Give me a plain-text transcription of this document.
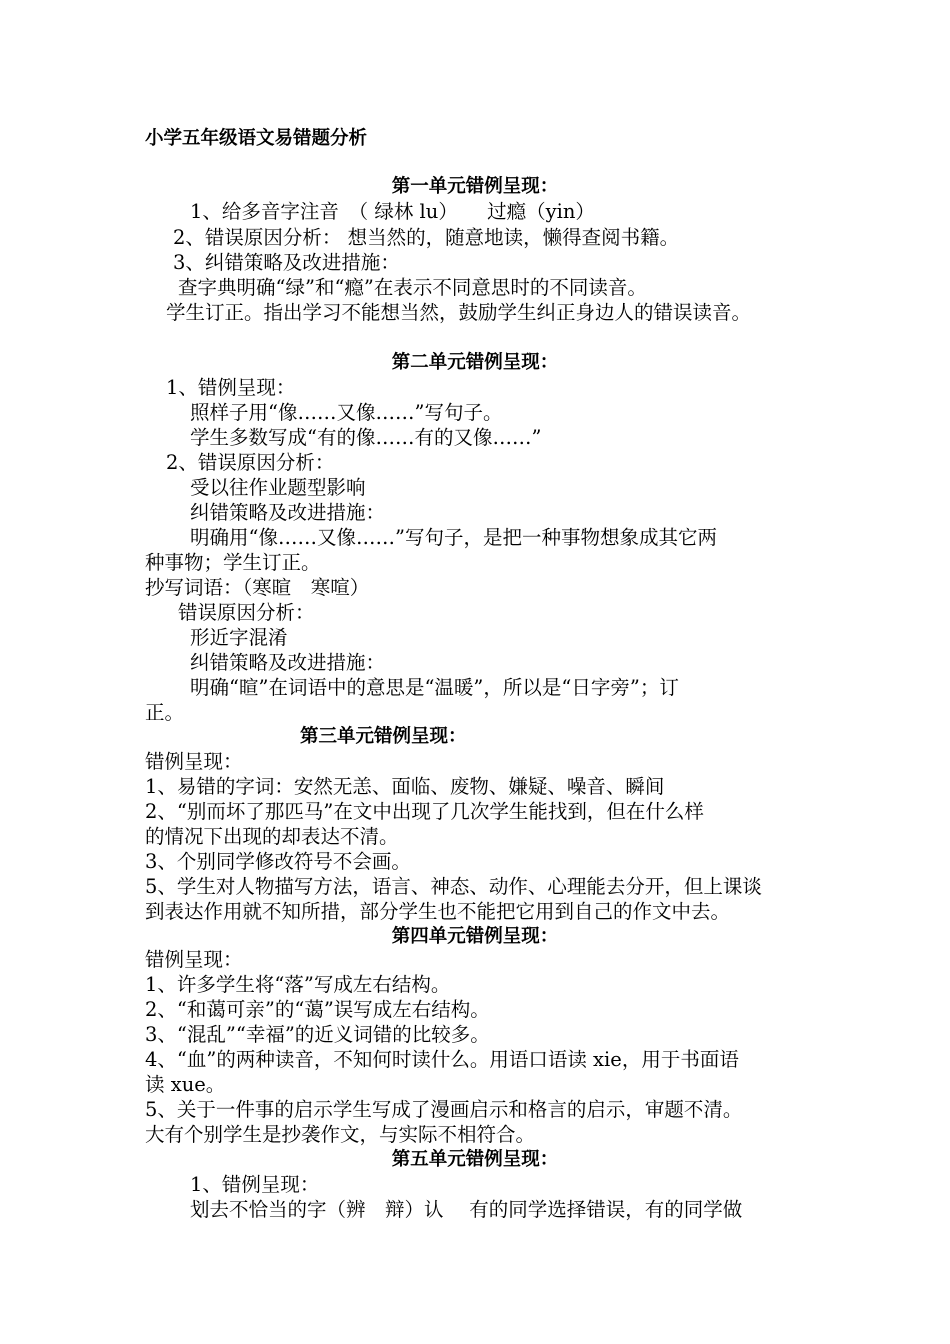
小学五年级语文易错题分析
第一单元错例呈现：
1、给多音字注音　（ 绿林 lu）　　过瘾（yin）
2、错误原因分析： 想当然的，随意地读，懒得查阅书籍。
3、纠错策略及改进措施：
查字典明确“绿”和“瘾”在表示不同意思时的不同读音。
学生订正。指出学习不能想当然，鼓励学生纠正身边人的错误读音。
第二单元错例呈现：
1、错例呈现：
照样子用“像……又像……”写句子。
学生多数写成“有的像……有的又像……”
2、错误原因分析：
受以往作业题型影响
纠错策略及改进措施：
明确用“像……又像……”写句子，是把一种事物想象成其它两
种事物；学生订正。
抄写词语：（寒暄　寒喧）
错误原因分析：
形近字混淆
纠错策略及改进措施：
明确“暄”在词语中的意思是“温暖”，所以是“日字旁”；订
正。
第三单元错例呈现：
错例呈现：
1、易错的字词：安然无恙、面临、废物、嫌疑、噪音、瞬间
2、“别而坏了那匹马”在文中出现了几次学生能找到，但在什么样
的情况下出现的却表达不清。
3、个别同学修改符号不会画。
5、学生对人物描写方法，语言、神态、动作、心理能去分开，但上课谈
到表达作用就不知所措，部分学生也不能把它用到自己的作文中去。
第四单元错例呈现：
错例呈现：
1、许多学生将“落”写成左右结构。
2、“和蔼可亲”的“蔼”误写成左右结构。
3、“混乱”“幸福”的近义词错的比较多。
4、“血”的两种读音，不知何时读什么。用语口语读 xie，用于书面语
读 xue。
5、关于一件事的启示学生写成了漫画启示和格言的启示，审题不清。
大有个别学生是抄袭作文，与实际不相符合。
第五单元错例呈现：
1、错例呈现：
划去不恰当的字（辨　辩）认　 有的同学选择错误，有的同学做
